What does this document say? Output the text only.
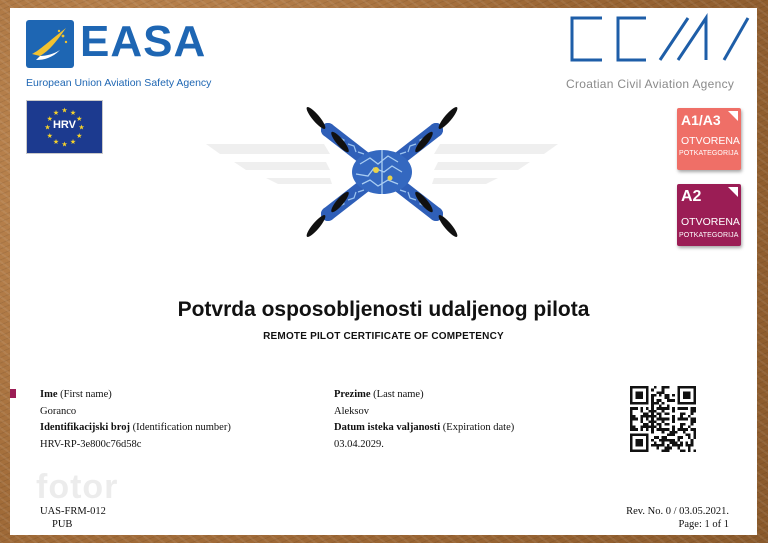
EASA
European Union Aviation Safety Agency	Croatian Civil Aviation Agency
★ ★
★
★
★
★
★
★
★
★
★
★
HRV	A1/A3
OTVORENA
POTKATEGORIJA
A2
OTVORENA
POTKATEGORIJA
Potvrda osposobljenosti udaljenog pilota
REMOTE PILOT CERTIFICATE OF COMPETENCY
Ime (First name)
Goranco
Identifikacijski broj (Identification number)
HRV-RP-3e800c76d58c
Prezime (Last name)
Aleksov
Datum isteka valjanosti (Expiration date)
03.04.2029.
fotor
UAS-FRM-012
PUB
Rev. No. 0 / 03.05.2021.
Page: 1 of 1
